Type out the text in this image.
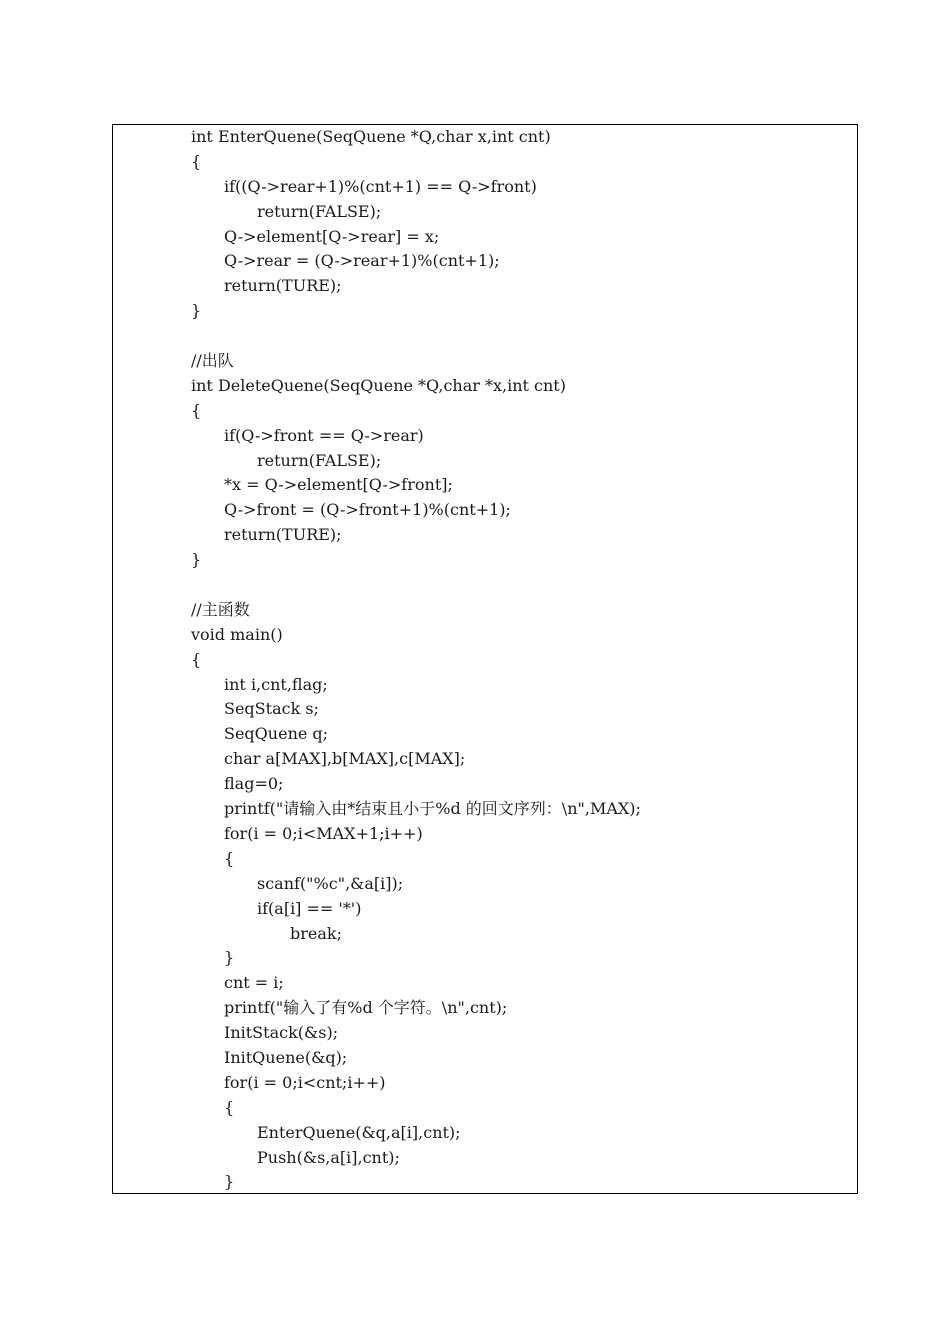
int EnterQuene(SeqQuene *Q,char x,int cnt)
{
if((Q->rear+1)%(cnt+1) == Q->front)
return(FALSE);
Q->element[Q->rear] = x;
Q->rear = (Q->rear+1)%(cnt+1);
return(TURE);
}
//出队
int DeleteQuene(SeqQuene *Q,char *x,int cnt)
{
if(Q->front == Q->rear)
return(FALSE);
*x = Q->element[Q->front];
Q->front = (Q->front+1)%(cnt+1);
return(TURE);
}
//主函数
void main()
{
int i,cnt,flag;
SeqStack s;
SeqQuene q;
char a[MAX],b[MAX],c[MAX];
flag=0;
printf("请输入由*结束且小于%d 的回文序列：\n",MAX);
for(i = 0;i<MAX+1;i++)
{
scanf("%c",&a[i]);
if(a[i] == '*')
break;
}
cnt = i;
printf("输入了有%d 个字符。\n",cnt);
InitStack(&s);
InitQuene(&q);
for(i = 0;i<cnt;i++)
{
EnterQuene(&q,a[i],cnt);
Push(&s,a[i],cnt);
}
